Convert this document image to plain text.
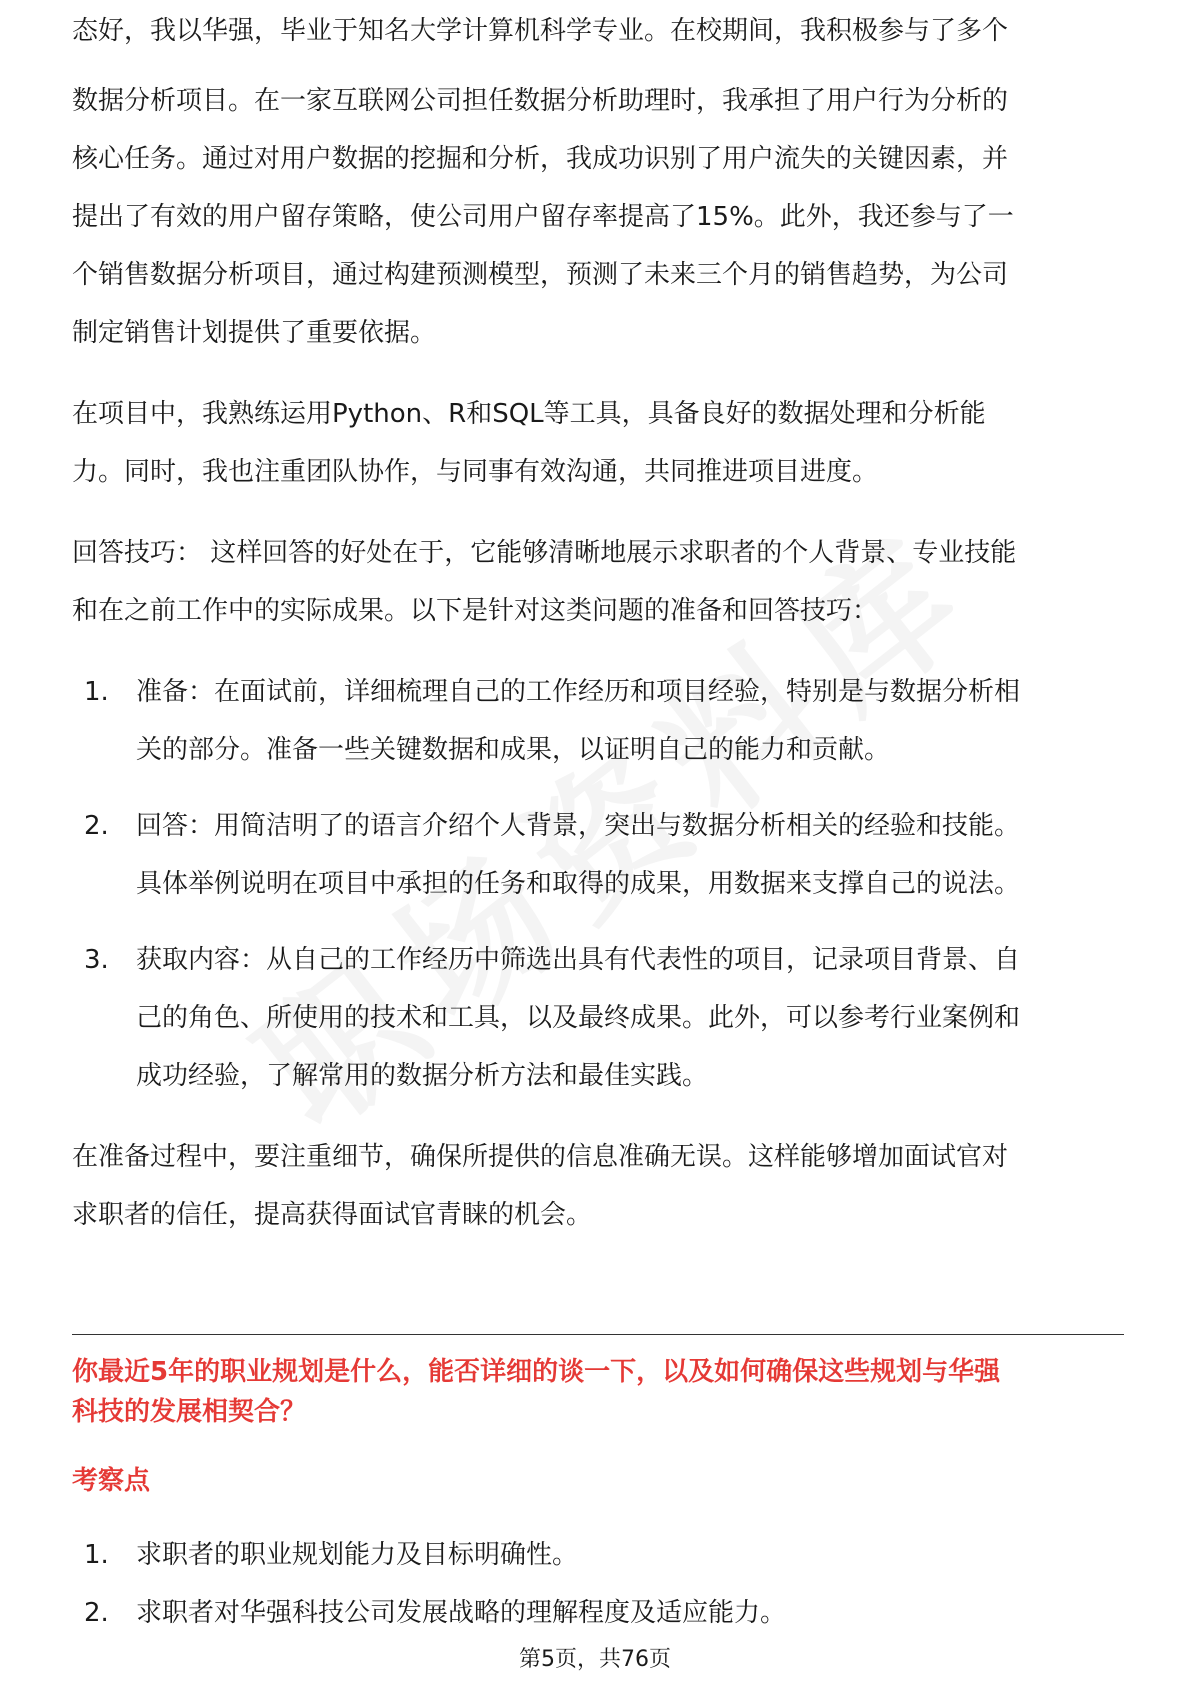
态好，我以华强，毕业于知名大学计算机科学专业。在校期间，我积极参与了多个

数据分析项目。在一家互联网公司担任数据分析助理时，我承担了用户行为分析的
核心任务。通过对用户数据的挖掘和分析，我成功识别了用户流失的关键因素，并
提出了有效的用户留存策略，使公司用户留存率提高了15%。此外，我还参与了一
个销售数据分析项目，通过构建预测模型，预测了未来三个月的销售趋势，为公司
制定销售计划提供了重要依据。

在项目中，我熟练运用Python、R和SQL等工具，具备良好的数据处理和分析能
力。同时，我也注重团队协作，与同事有效沟通，共同推进项目进度。

回答技巧： 这样回答的好处在于，它能够清晰地展示求职者的个人背景、专业技能
和在之前工作中的实际成果。以下是针对这类问题的准备和回答技巧：

1.	准备：在面试前，详细梳理自己的工作经历和项目经验，特别是与数据分析相
关的部分。准备一些关键数据和成果，以证明自己的能力和贡献。
2.	回答：用简洁明了的语言介绍个人背景，突出与数据分析相关的经验和技能。
具体举例说明在项目中承担的任务和取得的成果，用数据来支撑自己的说法。
3.	获取内容：从自己的工作经历中筛选出具有代表性的项目，记录项目背景、自
己的角色、所使用的技术和工具，以及最终成果。此外，可以参考行业案例和
成功经验，了解常用的数据分析方法和最佳实践。

在准备过程中，要注重细节，确保所提供的信息准确无误。这样能够增加面试官对
求职者的信任，提高获得面试官青睐的机会。

你最近5年的职业规划是什么，能否详细的谈一下，以及如何确保这些规划与华强
科技的发展相契合？
考察点
1.	求职者的职业规划能力及目标明确性。
2.	求职者对华强科技公司发展战略的理解程度及适应能力。
第5页，共76页
